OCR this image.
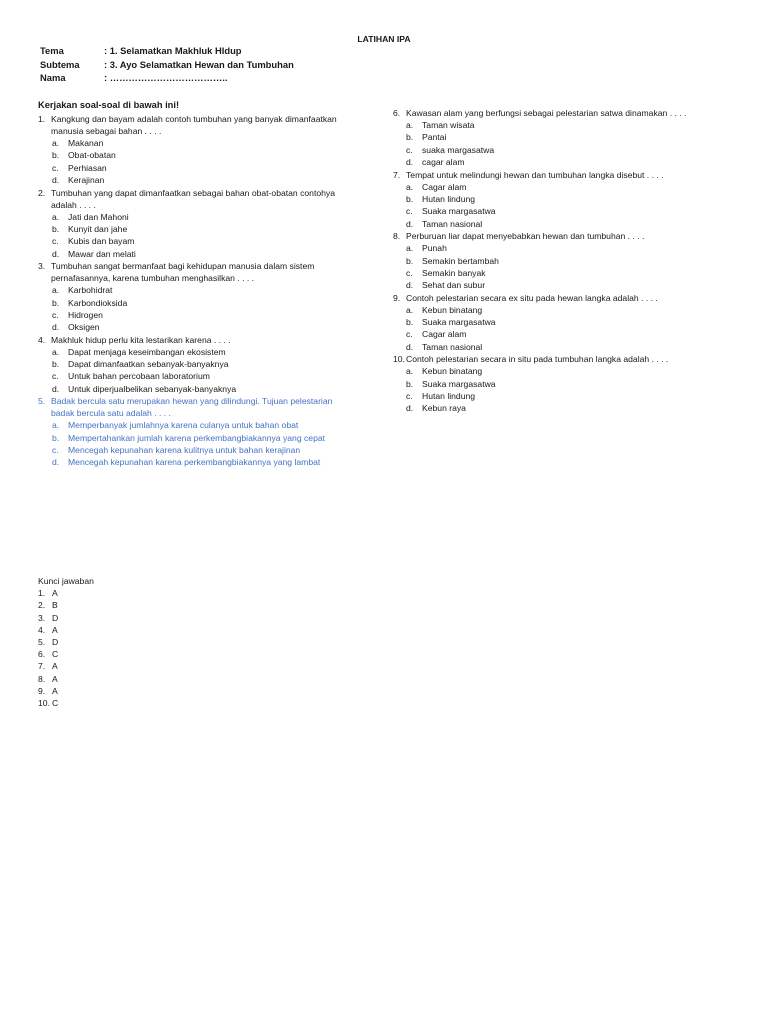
LATIHAN IPA
Tema	: 1. Selamatkan Makhluk HIdup
Subtema	: 3. Ayo Selamatkan Hewan dan Tumbuhan
Nama	: ………………………………..
Kerjakan soal-soal di bawah ini!
1. Kangkung dan bayam adalah contoh tumbuhan yang banyak dimanfaatkan
manusia sebagai bahan . . . .
a.	Makanan
b.	Obat-obatan
c.	Perhiasan
d.	Kerajinan
2. Tumbuhan yang dapat dimanfaatkan sebagai bahan obat-obatan contohya
adalah . . . .
a.	Jati dan Mahoni
b.	Kunyit dan jahe
c.	Kubis dan bayam
d.	Mawar dan melati
3. Tumbuhan sangat bermanfaat bagi kehidupan manusia dalam sistem
pernafasannya, karena tumbuhan menghasilkan . . . .
a.	Karbohidrat
b.	Karbondioksida
c.	Hidrogen
d.	Oksigen
4. Makhluk hidup perlu kita lestarikan karena . . . .
a.	Dapat menjaga keseimbangan ekosistem
b.	Dapat dimanfaatkan sebanyak-banyaknya
c.	Untuk bahan percobaan laboratorium
d.	Untuk diperjualbelikan sebanyak-banyaknya
5. Badak bercula satu merupakan hewan yang dilindungi. Tujuan pelestarian
badak bercula satu adalah . . . .
a.	Memperbanyak jumlahnya karena culanya untuk bahan obat
b.	Mempertahankan jumlah karena perkembangbiakannya yang cepat
c.	Mencegah kepunahan karena kulitnya untuk bahan kerajinan
d.	Mencegah kepunahan karena perkembangbiakannya yang lambat
6. Kawasan alam yang berfungsi sebagai pelestarian satwa dinamakan . . . .
a.	Taman wisata
b.	Pantai
c.	suaka margasatwa
d.	cagar alam
7. Tempat untuk melindungi hewan dan tumbuhan langka disebut . . . .
a.	Cagar alam
b.	Hutan lindung
c.	Suaka margasatwa
d.	Taman nasional
8. Perburuan liar dapat menyebabkan hewan dan tumbuhan . . . .
a.	Punah
b.	Semakin bertambah
c.	Semakin banyak
d.	Sehat dan subur
9. Contoh pelestarian secara ex situ pada hewan langka adalah . . . .
a.	Kebun binatang
b.	Suaka margasatwa
c.	Cagar alam
d.	Taman nasional
10. Contoh pelestarian secara in situ pada tumbuhan langka adalah . . . .
a.	Kebun binatang
b.	Suaka margasatwa
c.	Hutan lindung
d.	Kebun raya
Kunci jawaban
1. A
2. B
3. D
4. A
5. D
6. C
7. A
8. A
9. A
10. C
